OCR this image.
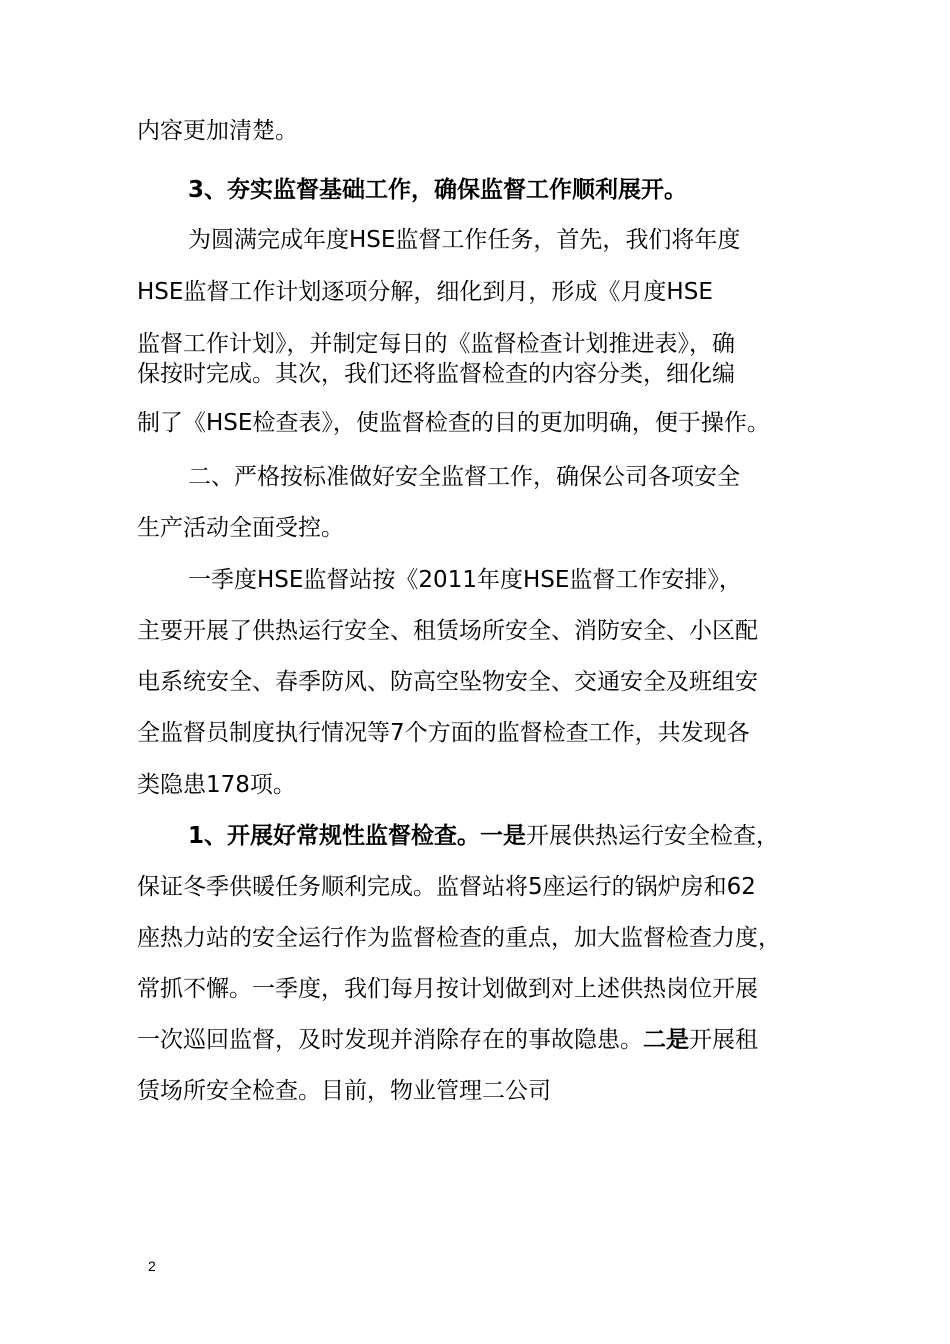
内容更加清楚。

3、夯实监督基础工作，确保监督工作顺利展开。

为圆满完成年度HSE监督工作任务，首先，我们将年度

HSE监督工作计划逐项分解，细化到月，形成《月度HSE

监督工作计划》，并制定每日的《监督检查计划推进表》，确

保按时完成。其次，我们还将监督检查的内容分类，细化编

制了《HSE检查表》，使监督检查的目的更加明确，便于操作。

二、严格按标准做好安全监督工作，确保公司各项安全

生产活动全面受控。

一季度HSE监督站按《2011年度HSE监督工作安排》，

主要开展了供热运行安全、租赁场所安全、消防安全、小区配

电系统安全、春季防风、防高空坠物安全、交通安全及班组安

全监督员制度执行情况等7个方面的监督检查工作，共发现各

类隐患178项。

1、开展好常规性监督检查。一是开展供热运行安全检查，

保证冬季供暖任务顺利完成。监督站将5座运行的锅炉房和62

座热力站的安全运行作为监督检查的重点，加大监督检查力度，

常抓不懈。一季度，我们每月按计划做到对上述供热岗位开展

一次巡回监督，及时发现并消除存在的事故隐患。二是开展租

赁场所安全检查。目前，物业管理二公司

2
